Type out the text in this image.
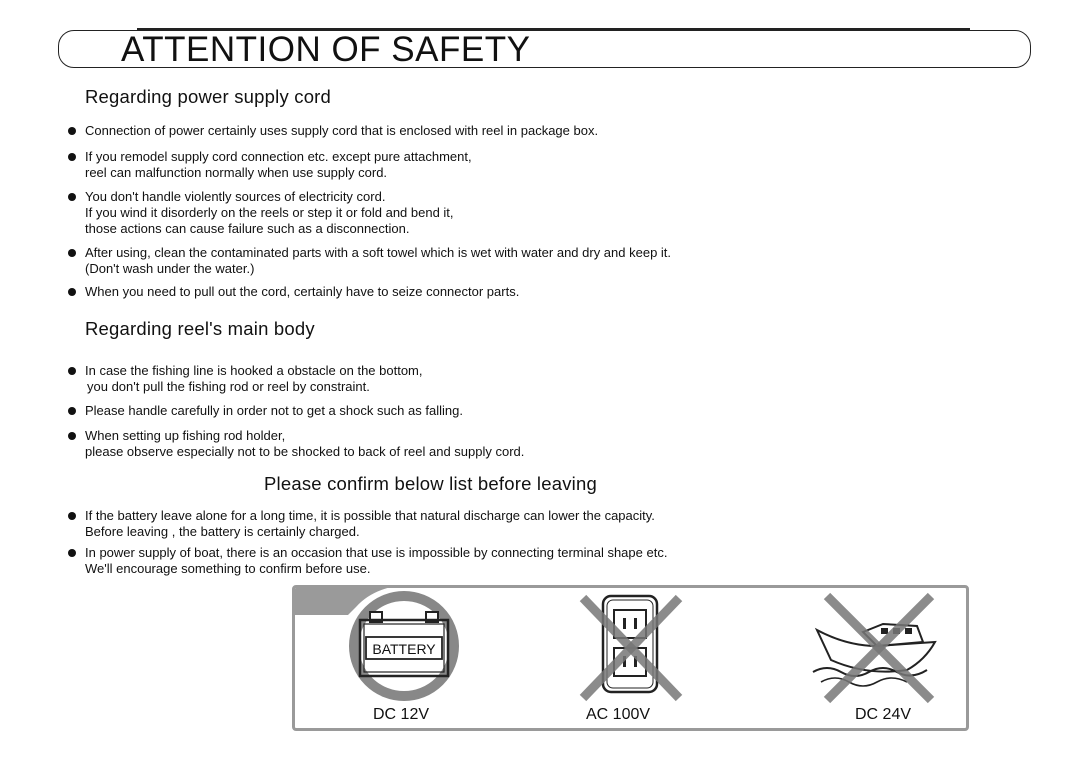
ATTENTION OF SAFETY
Regarding power supply cord
Connection of power certainly uses supply cord that is enclosed with reel in package box.
If you remodel supply cord connection etc. except pure attachment,
reel can malfunction normally when use supply cord.
You don't handle violently sources of electricity cord.
If you wind it disorderly on the reels or step it or fold and bend it,
those actions can cause failure such as a disconnection.
After using, clean the contaminated parts with a soft towel which is wet with water and dry and keep it.
(Don't wash under the water.)
When you need to pull out the cord, certainly have to seize connector parts.
Regarding reel's main body
In case the fishing line is hooked a obstacle on the bottom,
you don't pull the fishing rod or reel by constraint.
Please handle carefully in order not to get a shock such as falling.
When setting up fishing rod holder,
please observe especially not to be shocked to back of reel and supply cord.
Please confirm below list before leaving
If the battery leave alone for a long time, it is possible that natural discharge can lower the capacity.
Before leaving , the battery is certainly charged.
In power supply of boat, there is an occasion that use is impossible by connecting terminal shape etc.
We'll encourage something to confirm before use.
BATTERY
DC 12V	AC 100V	DC 24V
